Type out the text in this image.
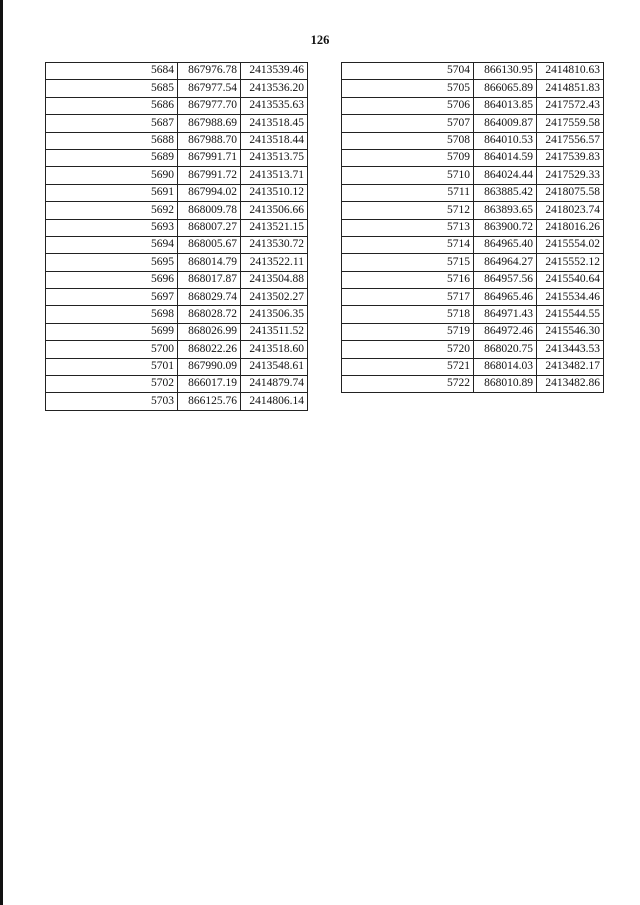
126
5684	867976.78	2413539.46
5685	867977.54	2413536.20
5686	867977.70	2413535.63
5687	867988.69	2413518.45
5688	867988.70	2413518.44
5689	867991.71	2413513.75
5690	867991.72	2413513.71
5691	867994.02	2413510.12
5692	868009.78	2413506.66
5693	868007.27	2413521.15
5694	868005.67	2413530.72
5695	868014.79	2413522.11
5696	868017.87	2413504.88
5697	868029.74	2413502.27
5698	868028.72	2413506.35
5699	868026.99	2413511.52
5700	868022.26	2413518.60
5701	867990.09	2413548.61
5702	866017.19	2414879.74
5703	866125.76	2414806.14
5704	866130.95	2414810.63
5705	866065.89	2414851.83
5706	864013.85	2417572.43
5707	864009.87	2417559.58
5708	864010.53	2417556.57
5709	864014.59	2417539.83
5710	864024.44	2417529.33
5711	863885.42	2418075.58
5712	863893.65	2418023.74
5713	863900.72	2418016.26
5714	864965.40	2415554.02
5715	864964.27	2415552.12
5716	864957.56	2415540.64
5717	864965.46	2415534.46
5718	864971.43	2415544.55
5719	864972.46	2415546.30
5720	868020.75	2413443.53
5721	868014.03	2413482.17
5722	868010.89	2413482.86
